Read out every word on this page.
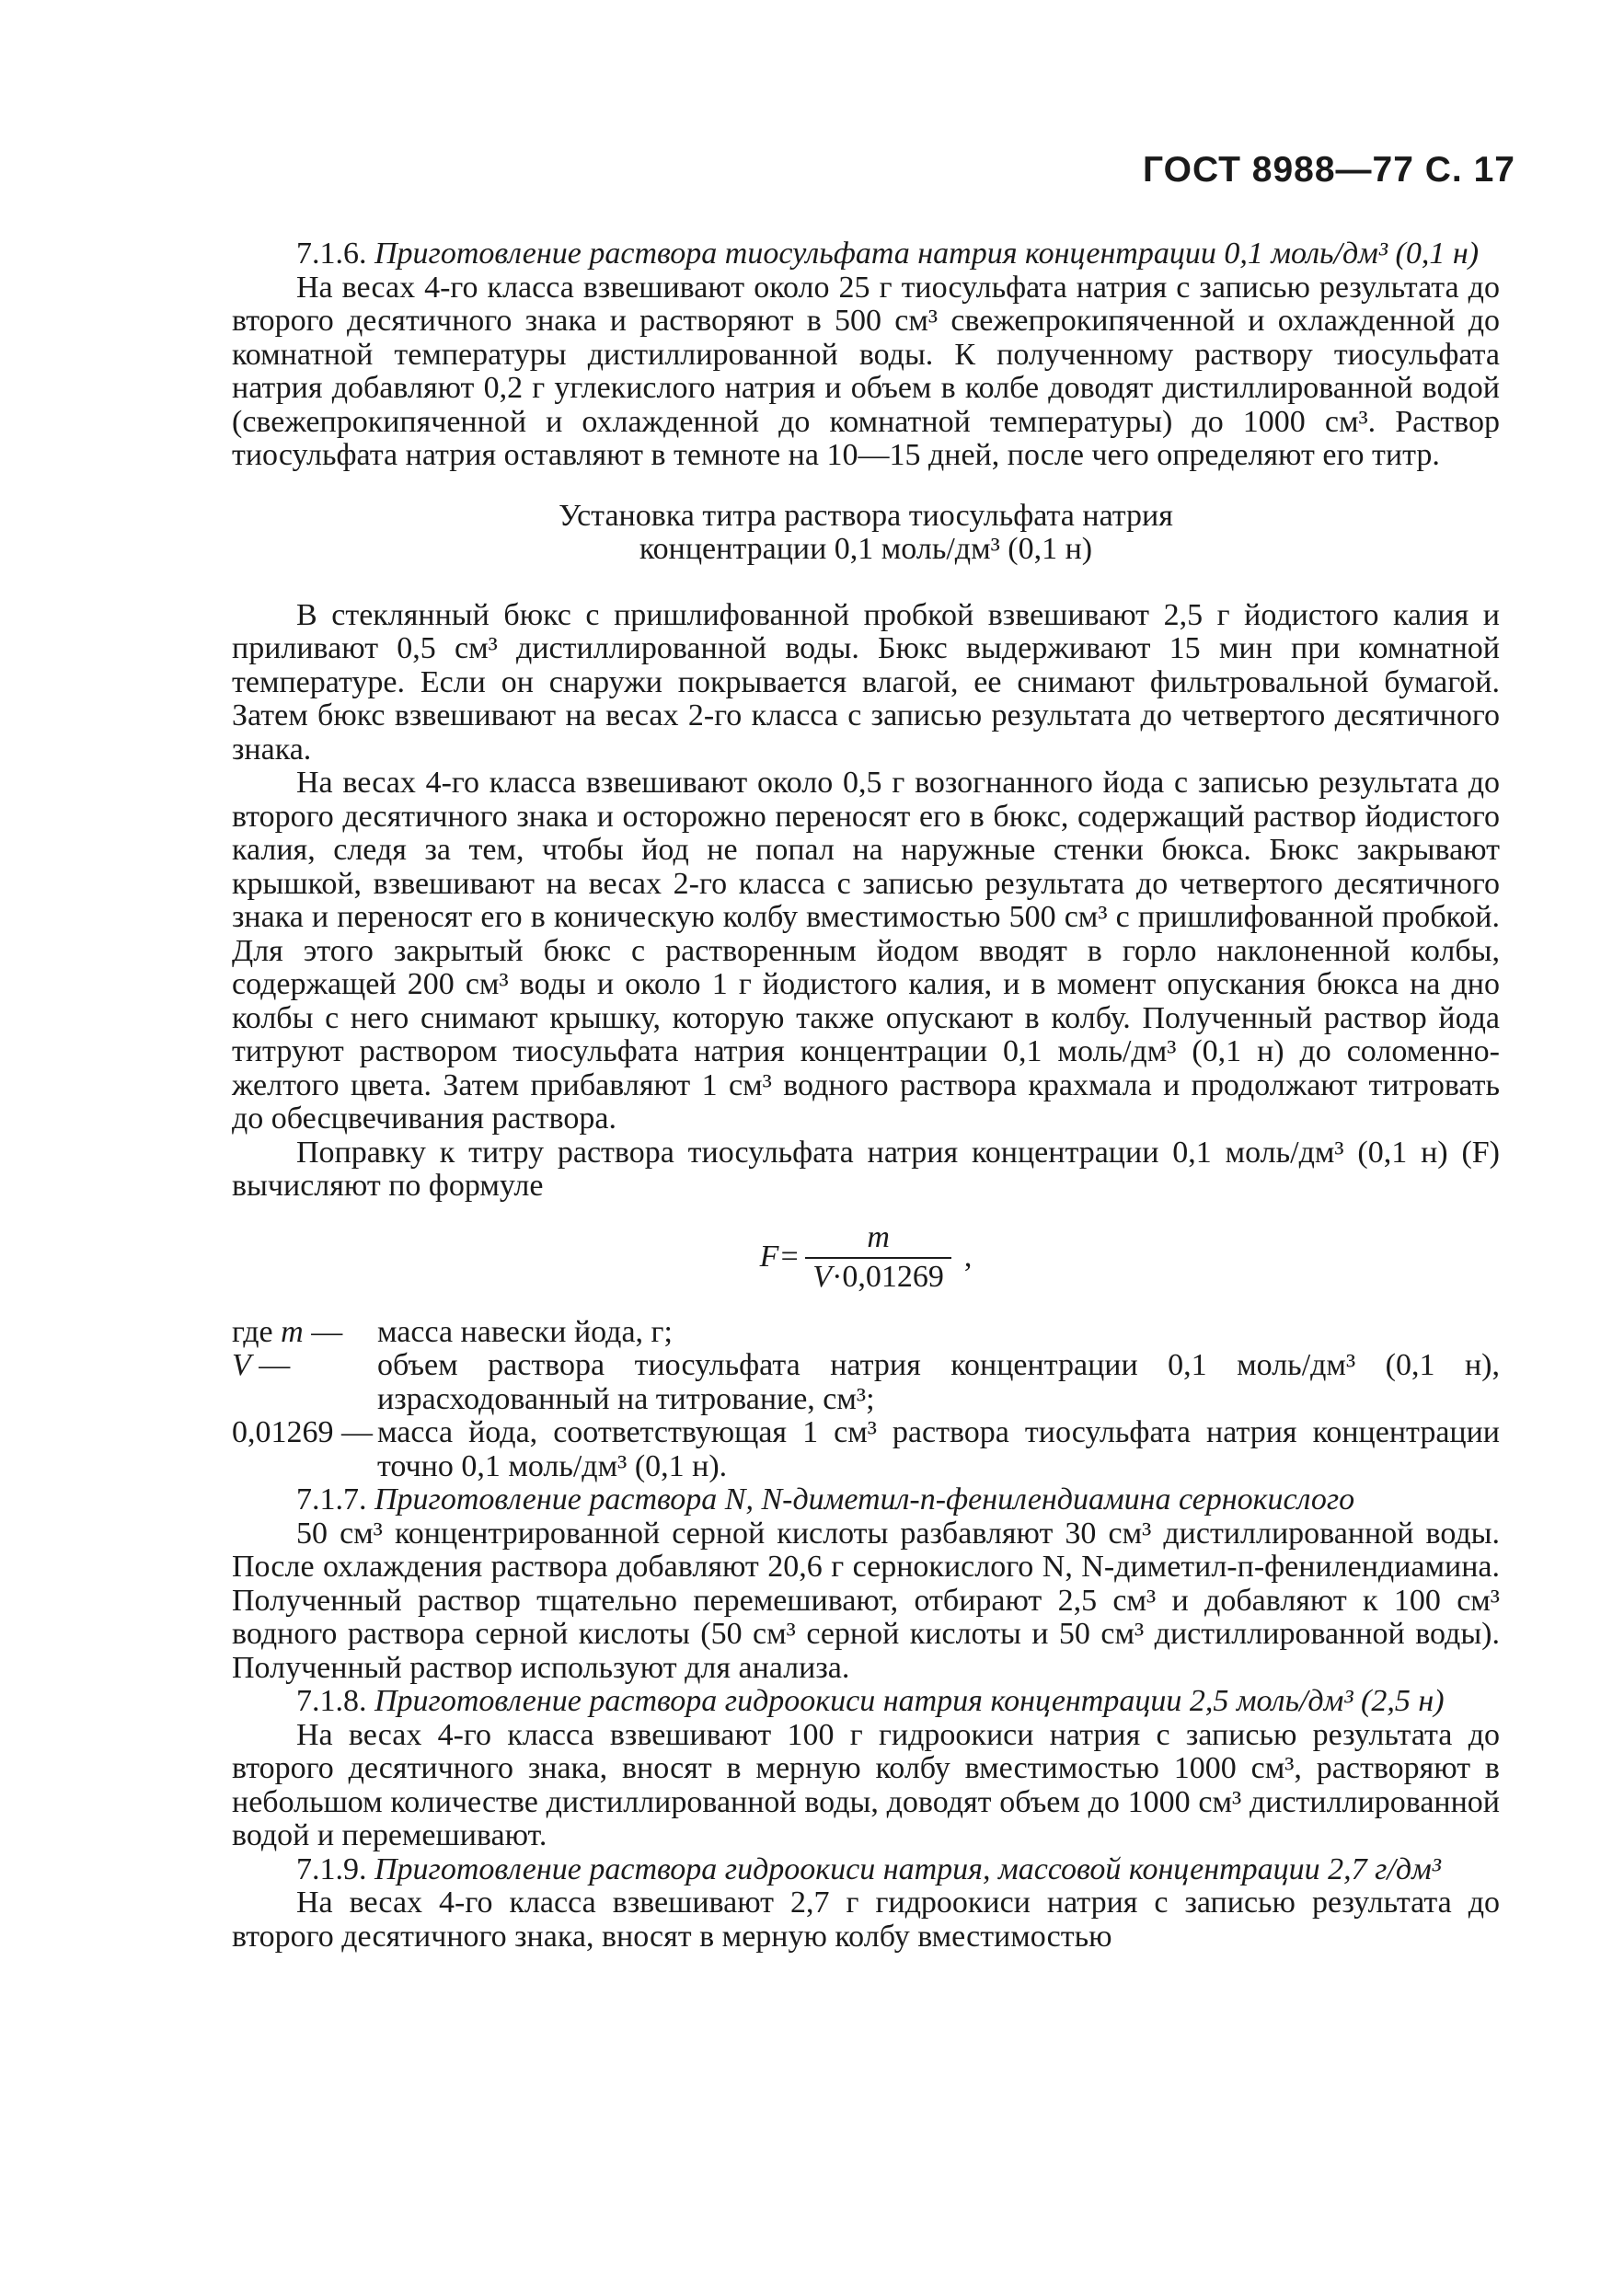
ГОСТ 8988—77 С. 17

7.1.6. Приготовление раствора тиосульфата натрия концентрации 0,1 моль/дм³ (0,1 н)

На весах 4-го класса взвешивают около 25 г тиосульфата натрия с записью результата до второго десятичного знака и растворяют в 500 см³ свежепрокипяченной и охлажденной до комнатной температуры дистиллированной воды. К полученному раствору тиосульфата натрия добавляют 0,2 г углекислого натрия и объем в колбе доводят дистиллированной водой (свежепрокипяченной и охлажденной до комнатной температуры) до 1000 см³. Раствор тиосульфата натрия оставляют в темноте на 10—15 дней, после чего определяют его титр.

Установка титра раствора тиосульфата натрия

концентрации 0,1 моль/дм³ (0,1 н)

В стеклянный бюкс с пришлифованной пробкой взвешивают 2,5 г йодистого калия и приливают 0,5 см³ дистиллированной воды. Бюкс выдерживают 15 мин при комнатной температуре. Если он снаружи покрывается влагой, ее снимают фильтровальной бумагой. Затем бюкс взвешивают на весах 2-го класса с записью результата до четвертого десятичного знака.

На весах 4-го класса взвешивают около 0,5 г возогнанного йода с записью результата до второго десятичного знака и осторожно переносят его в бюкс, содержащий раствор йодистого калия, следя за тем, чтобы йод не попал на наружные стенки бюкса. Бюкс закрывают крышкой, взвешивают на весах 2-го класса с записью результата до четвертого десятичного знака и переносят его в коническую колбу вместимостью 500 см³ с пришлифованной пробкой. Для этого закрытый бюкс с растворенным йодом вводят в горло наклоненной колбы, содержащей 200 см³ воды и около 1 г йодистого калия, и в момент опускания бюкса на дно колбы с него снимают крышку, которую также опускают в колбу. Полученный раствор йода титруют раствором тиосульфата натрия концентрации 0,1 моль/дм³ (0,1 н) до соломенно-желтого цвета. Затем прибавляют 1 см³ водного раствора крахмала и продолжают титровать до обесцвечивания раствора.

Поправку к титру раствора тиосульфата натрия концентрации 0,1 моль/дм³ (0,1 н) (F) вычисляют по формуле

$F= \frac{m}{V\cdot 0,01269}$ ,
где m —	масса навески йода, г;
V —	объем раствора тиосульфата натрия концентрации 0,1 моль/дм³ (0,1 н), израсходованный на титрование, см³;
0,01269 — масса йода, соответствующая 1 см³ раствора тиосульфата натрия концентрации точно 0,1 моль/дм³ (0,1 н).

7.1.7. Приготовление раствора N, N-диметил-п-фенилендиамина сернокислого

50 см³ концентрированной серной кислоты разбавляют 30 см³ дистиллированной воды. После охлаждения раствора добавляют 20,6 г сернокислого N, N-диметил-п-фенилендиамина. Полученный раствор тщательно перемешивают, отбирают 2,5 см³ и добавляют к 100 см³ водного раствора серной кислоты (50 см³ серной кислоты и 50 см³ дистиллированной воды). Полученный раствор используют для анализа.

7.1.8. Приготовление раствора гидроокиси натрия концентрации 2,5 моль/дм³ (2,5 н)

На весах 4-го класса взвешивают 100 г гидроокиси натрия с записью результата до второго десятичного знака, вносят в мерную колбу вместимостью 1000 см³, растворяют в небольшом количестве дистиллированной воды, доводят объем до 1000 см³ дистиллированной водой и перемешивают.

7.1.9. Приготовление раствора гидроокиси натрия, массовой концентрации 2,7 г/дм³

На весах 4-го класса взвешивают 2,7 г гидроокиси натрия с записью результата до второго десятичного знака, вносят в мерную колбу вместимостью
